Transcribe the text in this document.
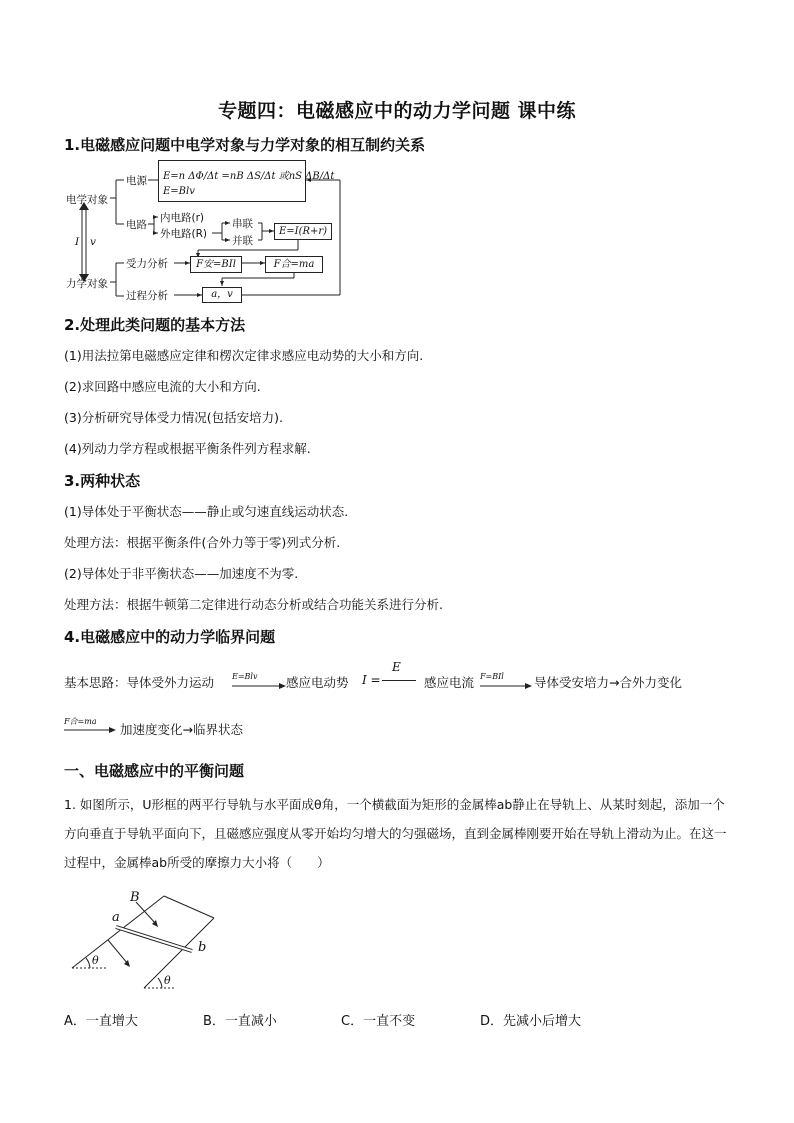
专题四：电磁感应中的动力学问题 课中练
1.电磁感应问题中电学对象与力学对象的相互制约关系
电学对象
电源
电路
内电路(r)
外电路(R)
串联
并联
E=n ΔΦ/Δt =nB ΔS/Δt 或nS ΔB/Δt
E=Blv
E=I(R+r)
I v
力学对象
受力分析	F安=BIl	F合=ma
过程分析	a，v
2.处理此类问题的基本方法
(1)用法拉第电磁感应定律和楞次定律求感应电动势的大小和方向.
(2)求回路中感应电流的大小和方向.
(3)分析研究导体受力情况(包括安培力).
(4)列动力学方程或根据平衡条件列方程求解.
3.两种状态
(1)导体处于平衡状态——静止或匀速直线运动状态.
处理方法：根据平衡条件(合外力等于零)列式分析.
(2)导体处于非平衡状态——加速度不为零.
处理方法：根据牛顿第二定律进行动态分析或结合功能关系进行分析.
4.电磁感应中的动力学临界问题
基本思路：导体受外力运动 E=Blv 感应电动势 I =
E
感应电流 F=BIl 导体受安培力→合外力变化
F合=ma
加速度变化→临界状态
一、电磁感应中的平衡问题
1. 如图所示，U形框的两平行导轨与水平面成θ角，一个横截面为矩形的金属棒ab静止在导轨上、从某时刻起，添加一个方向垂直于导轨平面向下，且磁感应强度从零开始均匀增大的匀强磁场，直到金属棒刚要开始在导轨上滑动为止。在这一过程中，金属棒ab所受的摩擦力大小将（　　）
B
a
b
θ
θ
A．一直增大	B．一直减小	C．一直不变	D．先减小后增大
